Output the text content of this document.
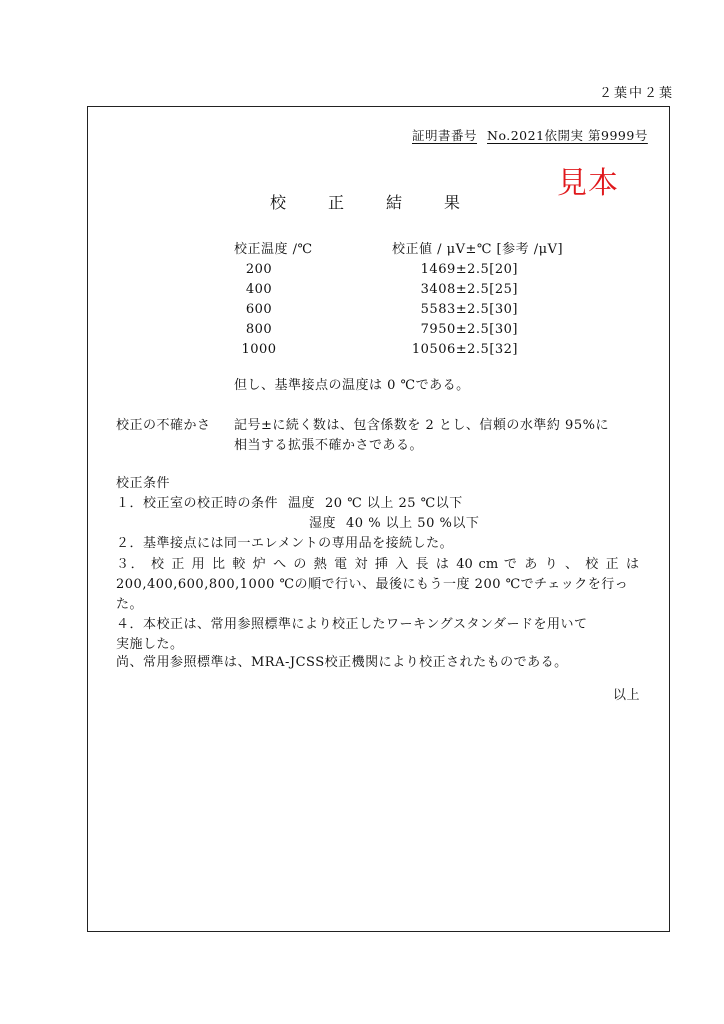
２葉中２葉
証明書番号 No.2021依開実 第9999号
見本
校	正	結	果
校正温度 /℃	校正値 / μV±℃ [参考 /μV]
200	1469±2.5[20]
400	3408±2.5[25]
600	5583±2.5[30]
800	7950±2.5[30]
1000	10506±2.5[32]
但し、基準接点の温度は 0 ℃である。
校正の不確かさ 記号±に続く数は、包含係数を 2 とし、信頼の水準約 95%に
相当する拡張不確かさである。
校正条件
１．校正室の校正時の条件 温度 20 ℃ 以上 25 ℃以下
湿度 40 % 以上 50 %以下
２．基準接点には同一エレメントの専用品を接続した。
３． 校 正 用 比 較 炉 へ の 熱 電 対 挿 入 長 は 40 cm で あ り 、 校 正 は
200,400,600,800,1000 ℃の順で行い、最後にもう一度 200 ℃でチェックを行っ
た。
４．本校正は、常用参照標準により校正したワーキングスタンダードを用いて
実施した。
尚、常用参照標準は、MRA-JCSS校正機関により校正されたものである。
以上
